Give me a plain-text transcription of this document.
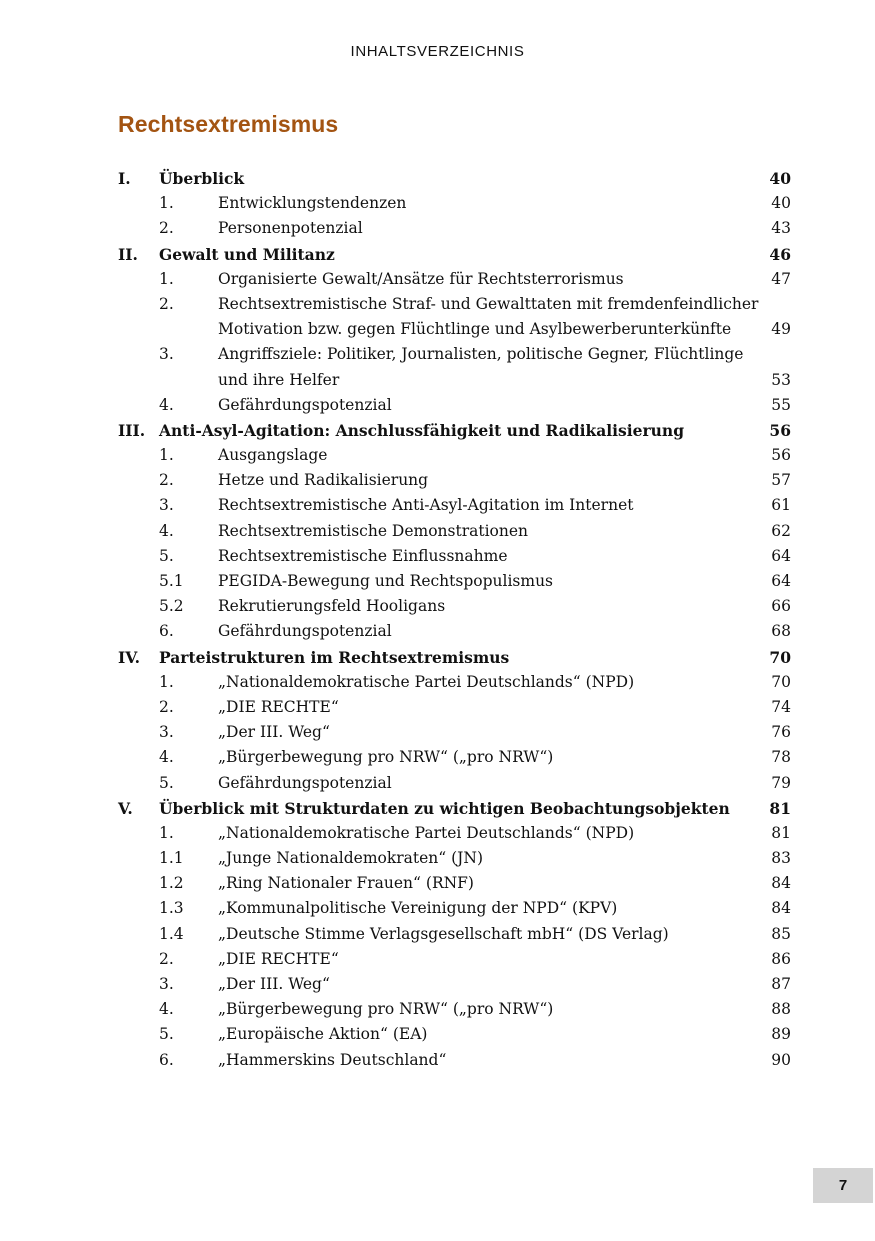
INHALTSVERZEICHNIS
Rechtsextremismus
I. Überblick	40
1.	Entwicklungstendenzen	40
2.	Personenpotenzial	43
II. Gewalt und Militanz	46
1.	Organisierte Gewalt/Ansätze für Rechtsterrorismus	47
2.	Rechtsextremistische Straf- und Gewalttaten mit fremdenfeindlicher
Motivation bzw. gegen Flüchtlinge und Asylbewerberunterkünfte	49
3.	Angriffsziele: Politiker, Journalisten, politische Gegner, Flüchtlinge
und ihre Helfer	53
4.	Gefährdungspotenzial	55
III. Anti-Asyl-Agitation: Anschlussfähigkeit und Radikalisierung	56
1.	Ausgangslage	56
2.	Hetze und Radikalisierung	57
3.	Rechtsextremistische Anti-Asyl-Agitation im Internet	61
4.	Rechtsextremistische Demonstrationen	62
5.	Rechtsextremistische Einflussnahme	64
5.1 PEGIDA-Bewegung und Rechtspopulismus	64
5.2 Rekrutierungsfeld Hooligans	66
6.	Gefährdungspotenzial	68
IV. Parteistrukturen im Rechtsextremismus	70
1.	„Nationaldemokratische Partei Deutschlands“ (NPD)	70
2.	„DIE RECHTE“	74
3.	„Der III. Weg“	76
4.	„Bürgerbewegung pro NRW“ („pro NRW“)	78
5.	Gefährdungspotenzial	79
V. Überblick mit Strukturdaten zu wichtigen Beobachtungsobjekten	81
1.	„Nationaldemokratische Partei Deutschlands“ (NPD)	81
1.1 „Junge Nationaldemokraten“ (JN)	83
1.2 „Ring Nationaler Frauen“ (RNF)	84
1.3 „Kommunalpolitische Vereinigung der NPD“ (KPV)	84
1.4 „Deutsche Stimme Verlagsgesellschaft mbH“ (DS Verlag)	85
2.	„DIE RECHTE“	86
3.	„Der III. Weg“	87
4.	„Bürgerbewegung pro NRW“ („pro NRW“)	88
5.	„Europäische Aktion“ (EA)	89
6.	„Hammerskins Deutschland“	90
7
